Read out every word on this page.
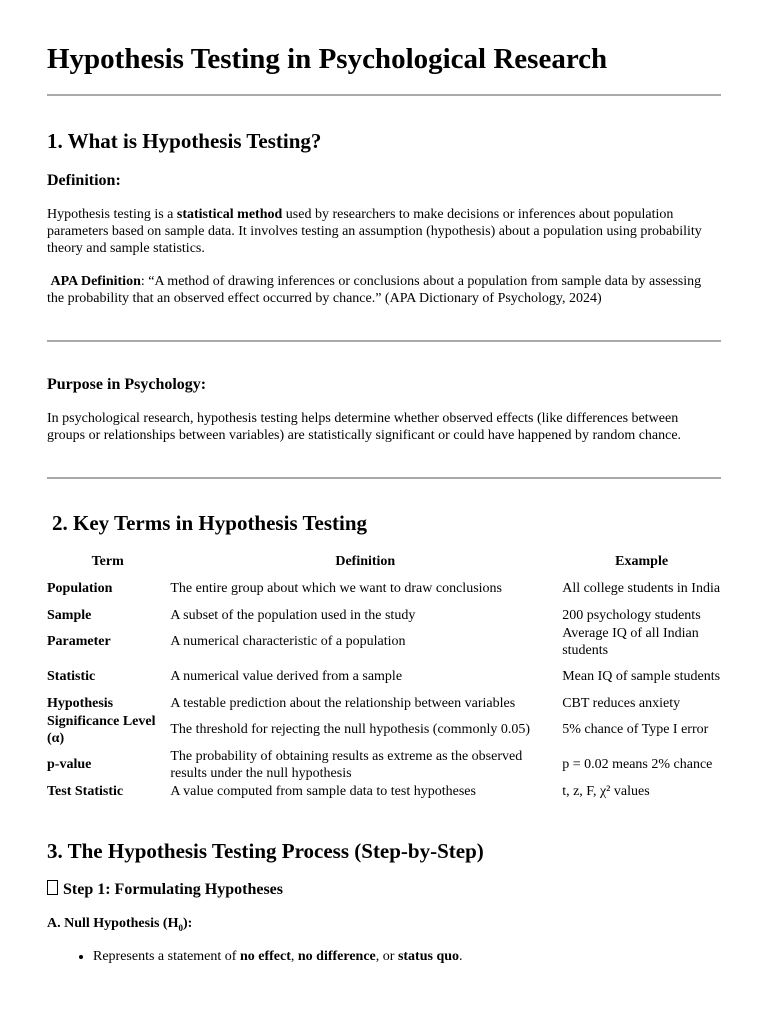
Hypothesis Testing in Psychological Research
1. What is Hypothesis Testing?
Definition:

Hypothesis testing is a statistical method used by researchers to make decisions or inferences about population parameters based on sample data. It involves testing an assumption (hypothesis) about a population using probability theory and sample statistics.

APA Definition: “A method of drawing inferences or conclusions about a population from sample data by assessing the probability that an observed effect occurred by chance.” (APA Dictionary of Psychology, 2024)

Purpose in Psychology:

In psychological research, hypothesis testing helps determine whether observed effects (like differences between groups or relationships between variables) are statistically significant or could have happened by random chance.

2. Key Terms in Hypothesis Testing
Term	Definition	Example
Population	The entire group about which we want to draw conclusions	All college students in India
Sample	A subset of the population used in the study	200 psychology students
Parameter	A numerical characteristic of a population	Average IQ of all Indian students
Statistic	A numerical value derived from a sample	Mean IQ of sample students
Hypothesis	A testable prediction about the relationship between variables	CBT reduces anxiety
Significance Level (α)	The threshold for rejecting the null hypothesis (commonly 0.05)	5% chance of Type I error
p-value	The probability of obtaining results as extreme as the observed results under the null hypothesis	p = 0.02 means 2% chance
Test Statistic	A value computed from sample data to test hypotheses	t, z, F, χ² values
3. The Hypothesis Testing Process (Step-by-Step)
Step 1: Formulating Hypotheses
A. Null Hypothesis $(H_0)$:
• Represents a statement of no effect, no difference, or status quo.
